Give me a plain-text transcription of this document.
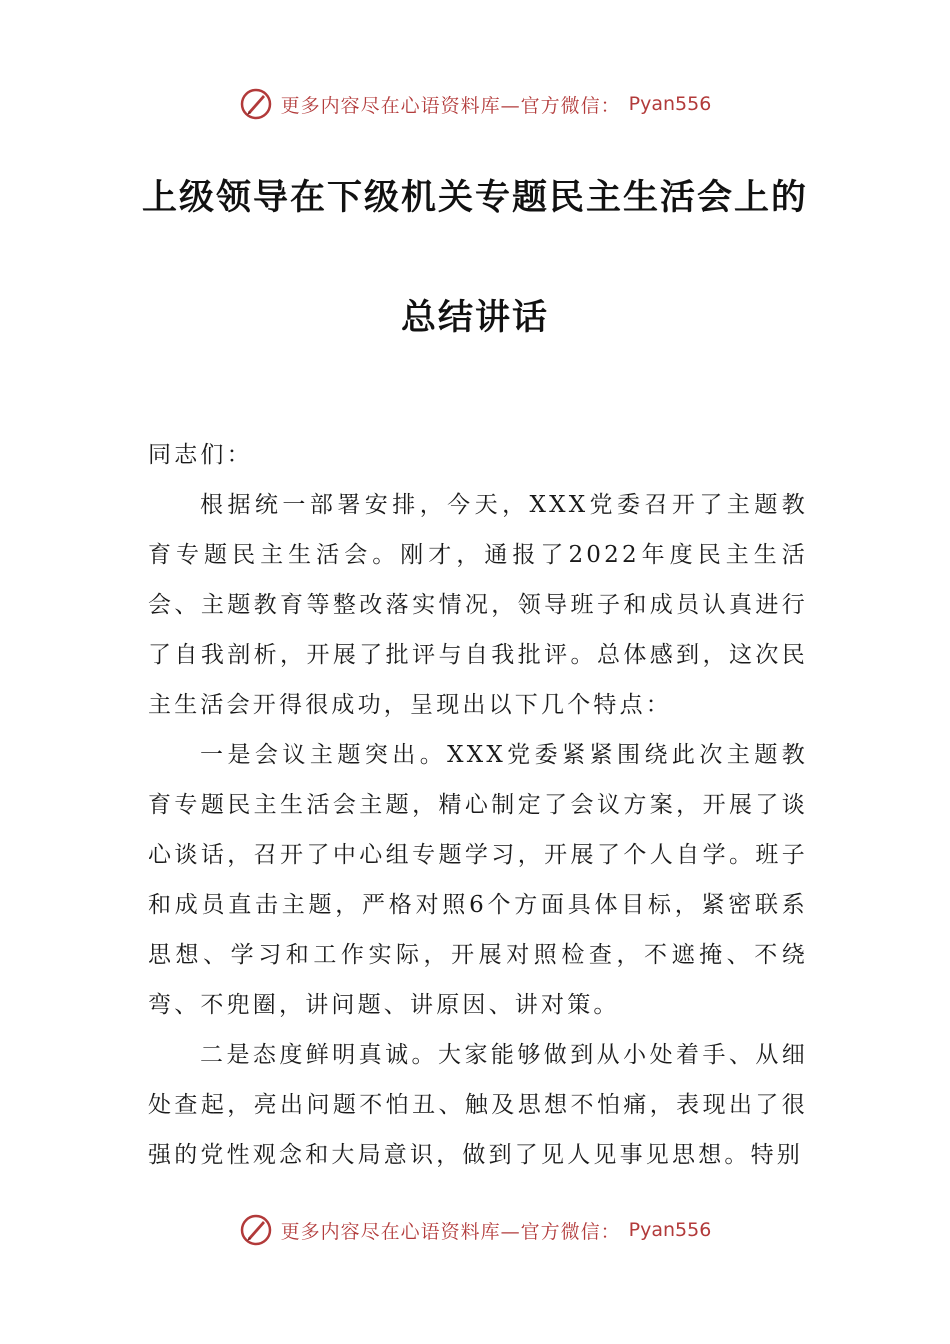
更多内容尽在心语资料库—官方微信： Pyan556
上级领导在下级机关专题民主生活会上的
总结讲话

同志们：

根据统一部署安排，今天，XXX党委召开了主题教育专题民主生活会。刚才，通报了2022年度民主生活会、主题教育等整改落实情况，领导班子和成员认真进行了自我剖析，开展了批评与自我批评。总体感到，这次民主生活会开得很成功，呈现出以下几个特点：

一是会议主题突出。XXX党委紧紧围绕此次主题教育专题民主生活会主题，精心制定了会议方案，开展了谈心谈话，召开了中心组专题学习，开展了个人自学。班子和成员直击主题，严格对照6个方面具体目标，紧密联系思想、学习和工作实际，开展对照检查，不遮掩、不绕弯、不兜圈，讲问题、讲原因、讲对策。

二是态度鲜明真诚。大家能够做到从小处着手、从细处查起，亮出问题不怕丑、触及思想不怕痛，表现出了很强的党性观念和大局意识，做到了见人见事见思想。特别

更多内容尽在心语资料库—官方微信： Pyan556
